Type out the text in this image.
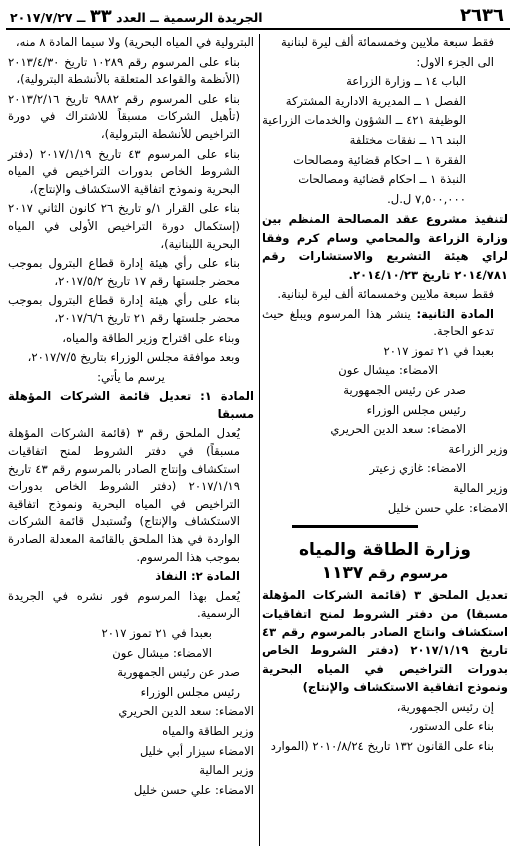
٢٦٣٦
الجريدة الرسمية ــ العدد ٣٣ ــ ٢٠١٧/٧/٢٧

فقط سبعة ملايين وخمسمائة ألف ليرة لبنانية

الى الجزء الاول:

الباب ١٤ ــ وزارة الزراعة

الفصل ١ ــ المديرية الادارية المشتركة

الوظيفة ٤٢١ ــ الشؤون والخدمات الزراعية

البند ١٦ ــ نفقات مختلفة

الفقرة ١ ــ احكام قضائية ومصالحات

النبذة ١ ــ احكام قضائية ومصالحات

٧,٥٠٠,٠٠٠ ل.ل.

لتنفيذ مشروع عقد المصالحة المنظم بين وزارة الزراعة والمحامي وسام كرم وفقا لراي هيئة التشريع والاستشارات رقم ٢٠١٤/٧٨١ تاريخ ٢٠١٤/١٠/٢٣.

فقط سبعة ملايين وخمسمائة ألف ليرة لبنانية.

المادة الثانية: ينشر هذا المرسوم ويبلغ حيث تدعو الحاجة.

بعبدا في ٢١ تموز ٢٠١٧

الامضاء: ميشال عون

صدر عن رئيس الجمهورية

رئيس مجلس الوزراء

الامضاء: سعد الدين الحريري

وزير الزراعة

الامضاء: غازي زعيتر

وزير المالية

الامضاء: علي حسن خليل

وزارة الطاقة والمياه
مرسوم رقم ١١٣٧

تعديل الملحق ٣ (قائمة الشركات المؤهلة مسبقا) من دفتر الشروط لمنح اتفاقيات استكشاف وانتاج الصادر بالمرسوم رقم ٤٣ تاريخ ٢٠١٧/١/١٩ (دفتر الشروط الخاص بدورات التراخيص في المياه البحرية ونموذج اتفاقية الاستكشاف والإنتاج)

إن رئيس الجمهورية،

بناء على الدستور،

بناء على القانون ١٣٢ تاريخ ٢٠١٠/٨/٢٤ (الموارد

البترولية في المياه البحرية) ولا سيما المادة ٨ منه،

بناء على المرسوم رقم ١٠٢٨٩ تاريخ ٢٠١٣/٤/٣٠ (الأنظمة والقواعد المتعلقة بالأنشطة البترولية)،

بناء على المرسوم رقم ٩٨٨٢ تاريخ ٢٠١٣/٢/١٦ (تأهيل الشركات مسبقاً للاشتراك في دورة التراخيص للأنشطة البترولية)،

بناء على المرسوم ٤٣ تاريخ ٢٠١٧/١/١٩ (دفتر الشروط الخاص بدورات التراخيص في المياه البحرية ونموذج اتفاقية الاستكشاف والإنتاج)،

بناء على القرار ١/و تاريخ ٢٦ كانون الثاني ٢٠١٧ (إستكمال دورة التراخيص الأولى في المياه البحرية اللبنانية)،

بناء على رأي هيئة إدارة قطاع البترول بموجب محضر جلستها رقم ١٧ تاريخ ٢٠١٧/٥/٢،

بناء على رأي هيئة إدارة قطاع البترول بموجب محضر جلستها رقم ٢١ تاريخ ٢٠١٧/٦/٦،

وبناء على اقتراح وزير الطاقة والمياه،

وبعد موافقة مجلس الوزراء بتاريخ ٢٠١٧/٧/٥،

يرسم ما يأتي:

المادة ١: تعديل قائمة الشركات المؤهلة مسبقا

يُعدل الملحق رقم ٣ (قائمة الشركات المؤهلة مسبقاً) في دفتر الشروط لمنح اتفاقيات استكشاف وإنتاج الصادر بالمرسوم رقم ٤٣ تاريخ ٢٠١٧/١/١٩ (دفتر الشروط الخاص بدورات التراخيص في المياه البحرية ونموذج اتفاقية الاستكشاف والإنتاج) وتُستبدل قائمة الشركات الواردة في هذا الملحق بالقائمة المعدلة الصادرة بموجب هذا المرسوم.

المادة ٢: النفاذ

يُعمل بهذا المرسوم فور نشره في الجريدة الرسمية.

بعبدا في ٢١ تموز ٢٠١٧

الامضاء: ميشال عون

صدر عن رئيس الجمهورية

رئيس مجلس الوزراء

الامضاء: سعد الدين الحريري

وزير الطاقة والمياه

الامضاء سيزار أبي خليل

وزير المالية

الامضاء: علي حسن خليل
